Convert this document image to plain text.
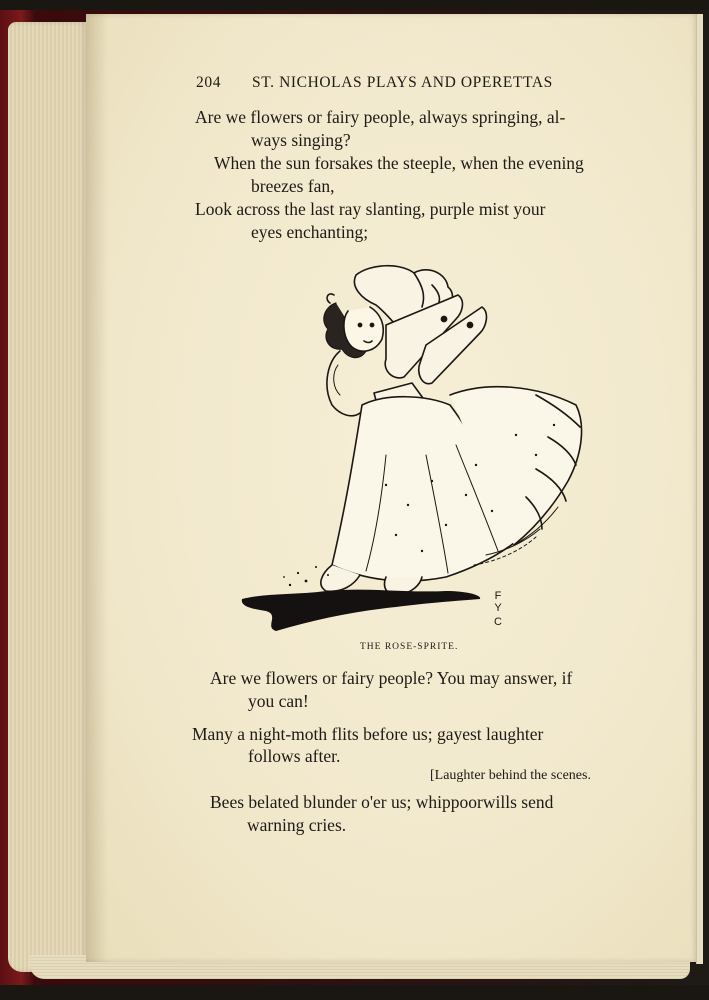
204 ST. NICHOLAS PLAYS AND OPERETTAS
Are we flowers or fairy people, always springing, al-
ways singing?
When the sun forsakes the steeple, when the evening
breezes fan,
Look across the last ray slanting, purple mist your
eyes enchanting;
F
Y
C
THE ROSE-SPRITE.
Are we flowers or fairy people? You may answer, if
you can!
Many a night-moth flits before us; gayest laughter
follows after.
[Laughter behind the scenes.
Bees belated blunder o'er us; whippoorwills send
warning cries.
